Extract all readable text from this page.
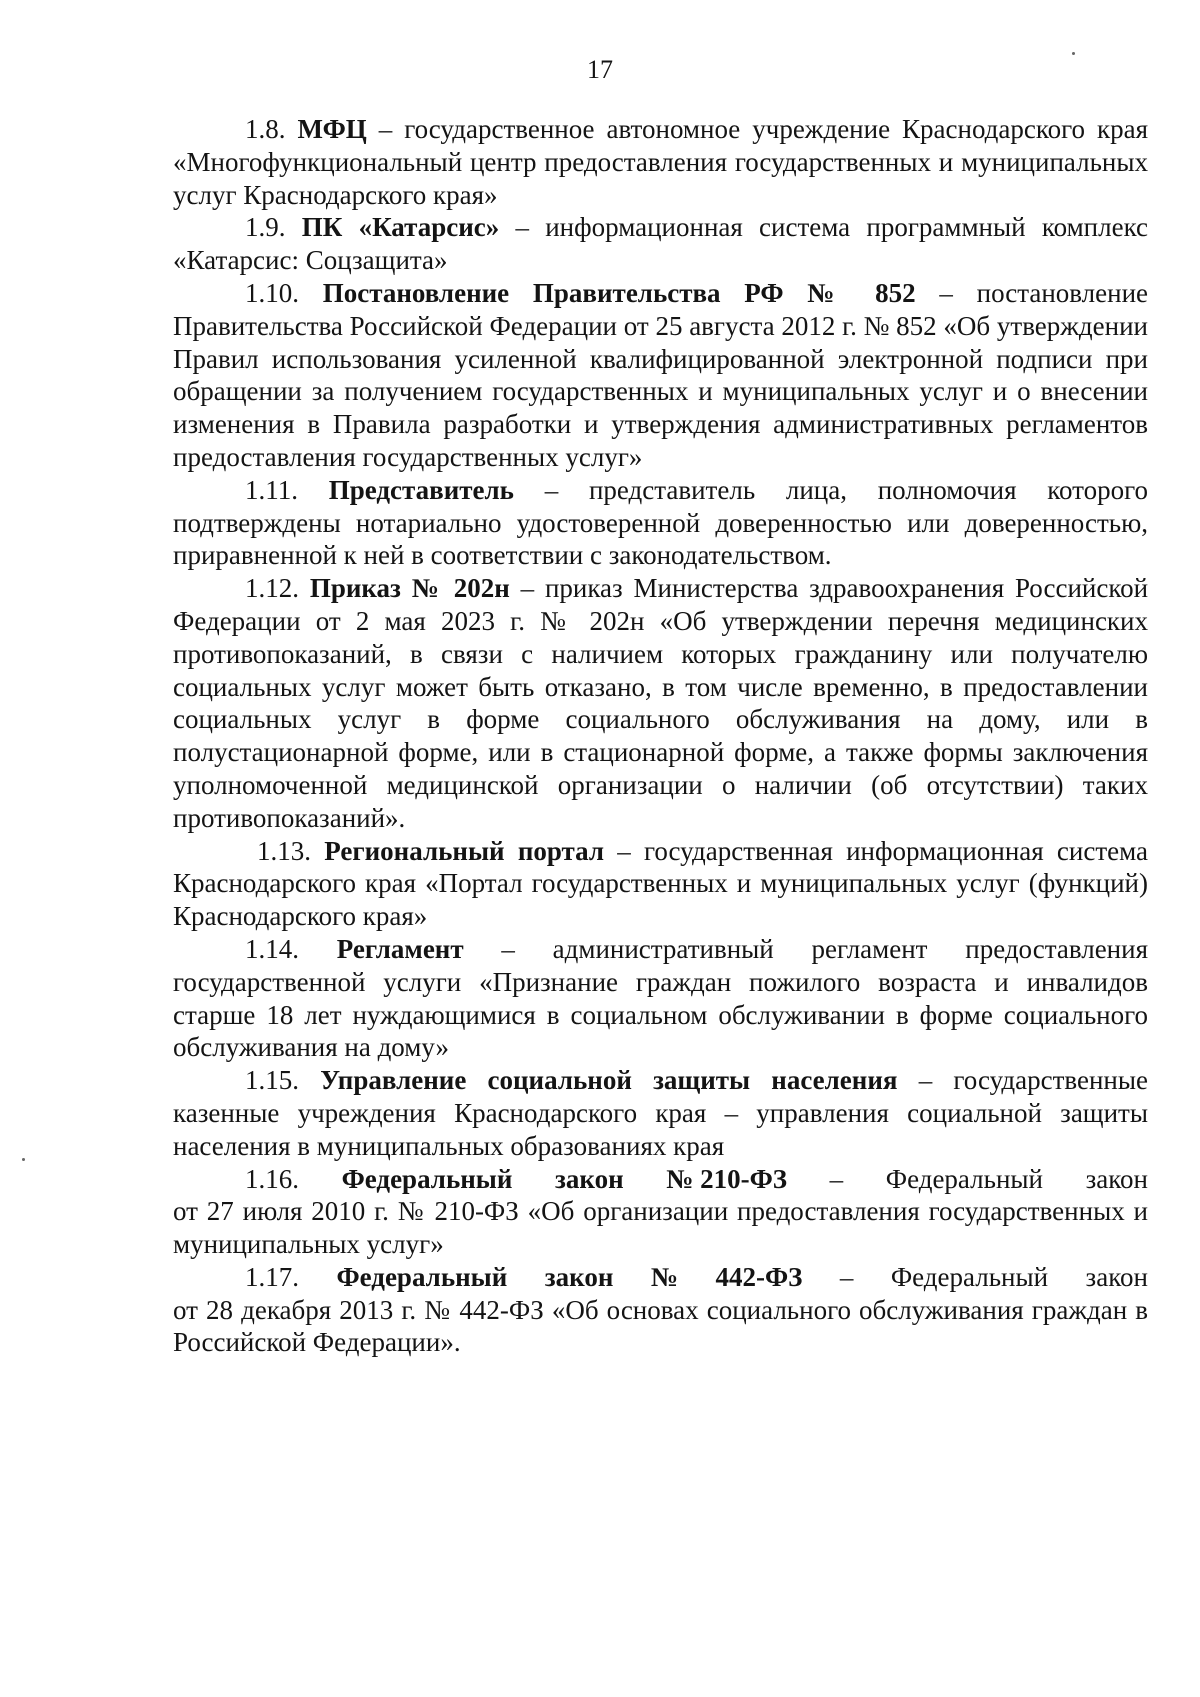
17

1.8. МФЦ – государственное автономное учреждение Краснодарского края «Многофункциональный центр предоставления государственных и муниципальных услуг Краснодарского края»

1.9. ПК «Катарсис» – информационная система программный комплекс «Катарсис: Соцзащита»

1.10. Постановление Правительства РФ № 852 – постановление Правительства Российской Федерации от 25 августа 2012 г. № 852 «Об утверждении Правил использования усиленной квалифицированной электронной подписи при обращении за получением государственных и муниципальных услуг и о внесении изменения в Правила разработки и утверждения административных регламентов предоставления государственных услуг»

1.11. Представитель – представитель лица, полномочия которого подтверждены нотариально удостоверенной доверенностью или доверенностью, приравненной к ней в соответствии с законодательством.

1.12. Приказ № 202н – приказ Министерства здравоохранения Российской Федерации от 2 мая 2023 г. № 202н «Об утверждении перечня медицинских противопоказаний, в связи с наличием которых гражданину или получателю социальных услуг может быть отказано, в том числе временно, в предоставлении социальных услуг в форме социального обслуживания на дому, или в полустационарной форме, или в стационарной форме, а также формы заключения уполномоченной медицинской организации о наличии (об отсутствии) таких противопоказаний».

1.13. Региональный портал – государственная информационная система Краснодарского края «Портал государственных и муниципальных услуг (функций) Краснодарского края»

1.14. Регламент – административный регламент предоставления государственной услуги «Признание граждан пожилого возраста и инвалидов старше 18 лет нуждающимися в социальном обслуживании в форме социального обслуживания на дому»

1.15. Управление социальной защиты населения – государственные казенные учреждения Краснодарского края – управления социальной защиты населения в муниципальных образованиях края

1.16. Федеральный закон № 210-ФЗ – Федеральный закон

от 27 июля 2010 г. № 210-ФЗ «Об организации предоставления государственных и муниципальных услуг»

1.17. Федеральный закон № 442-ФЗ – Федеральный закон

от 28 декабря 2013 г. № 442-ФЗ «Об основах социального обслуживания граждан в Российской Федерации».
